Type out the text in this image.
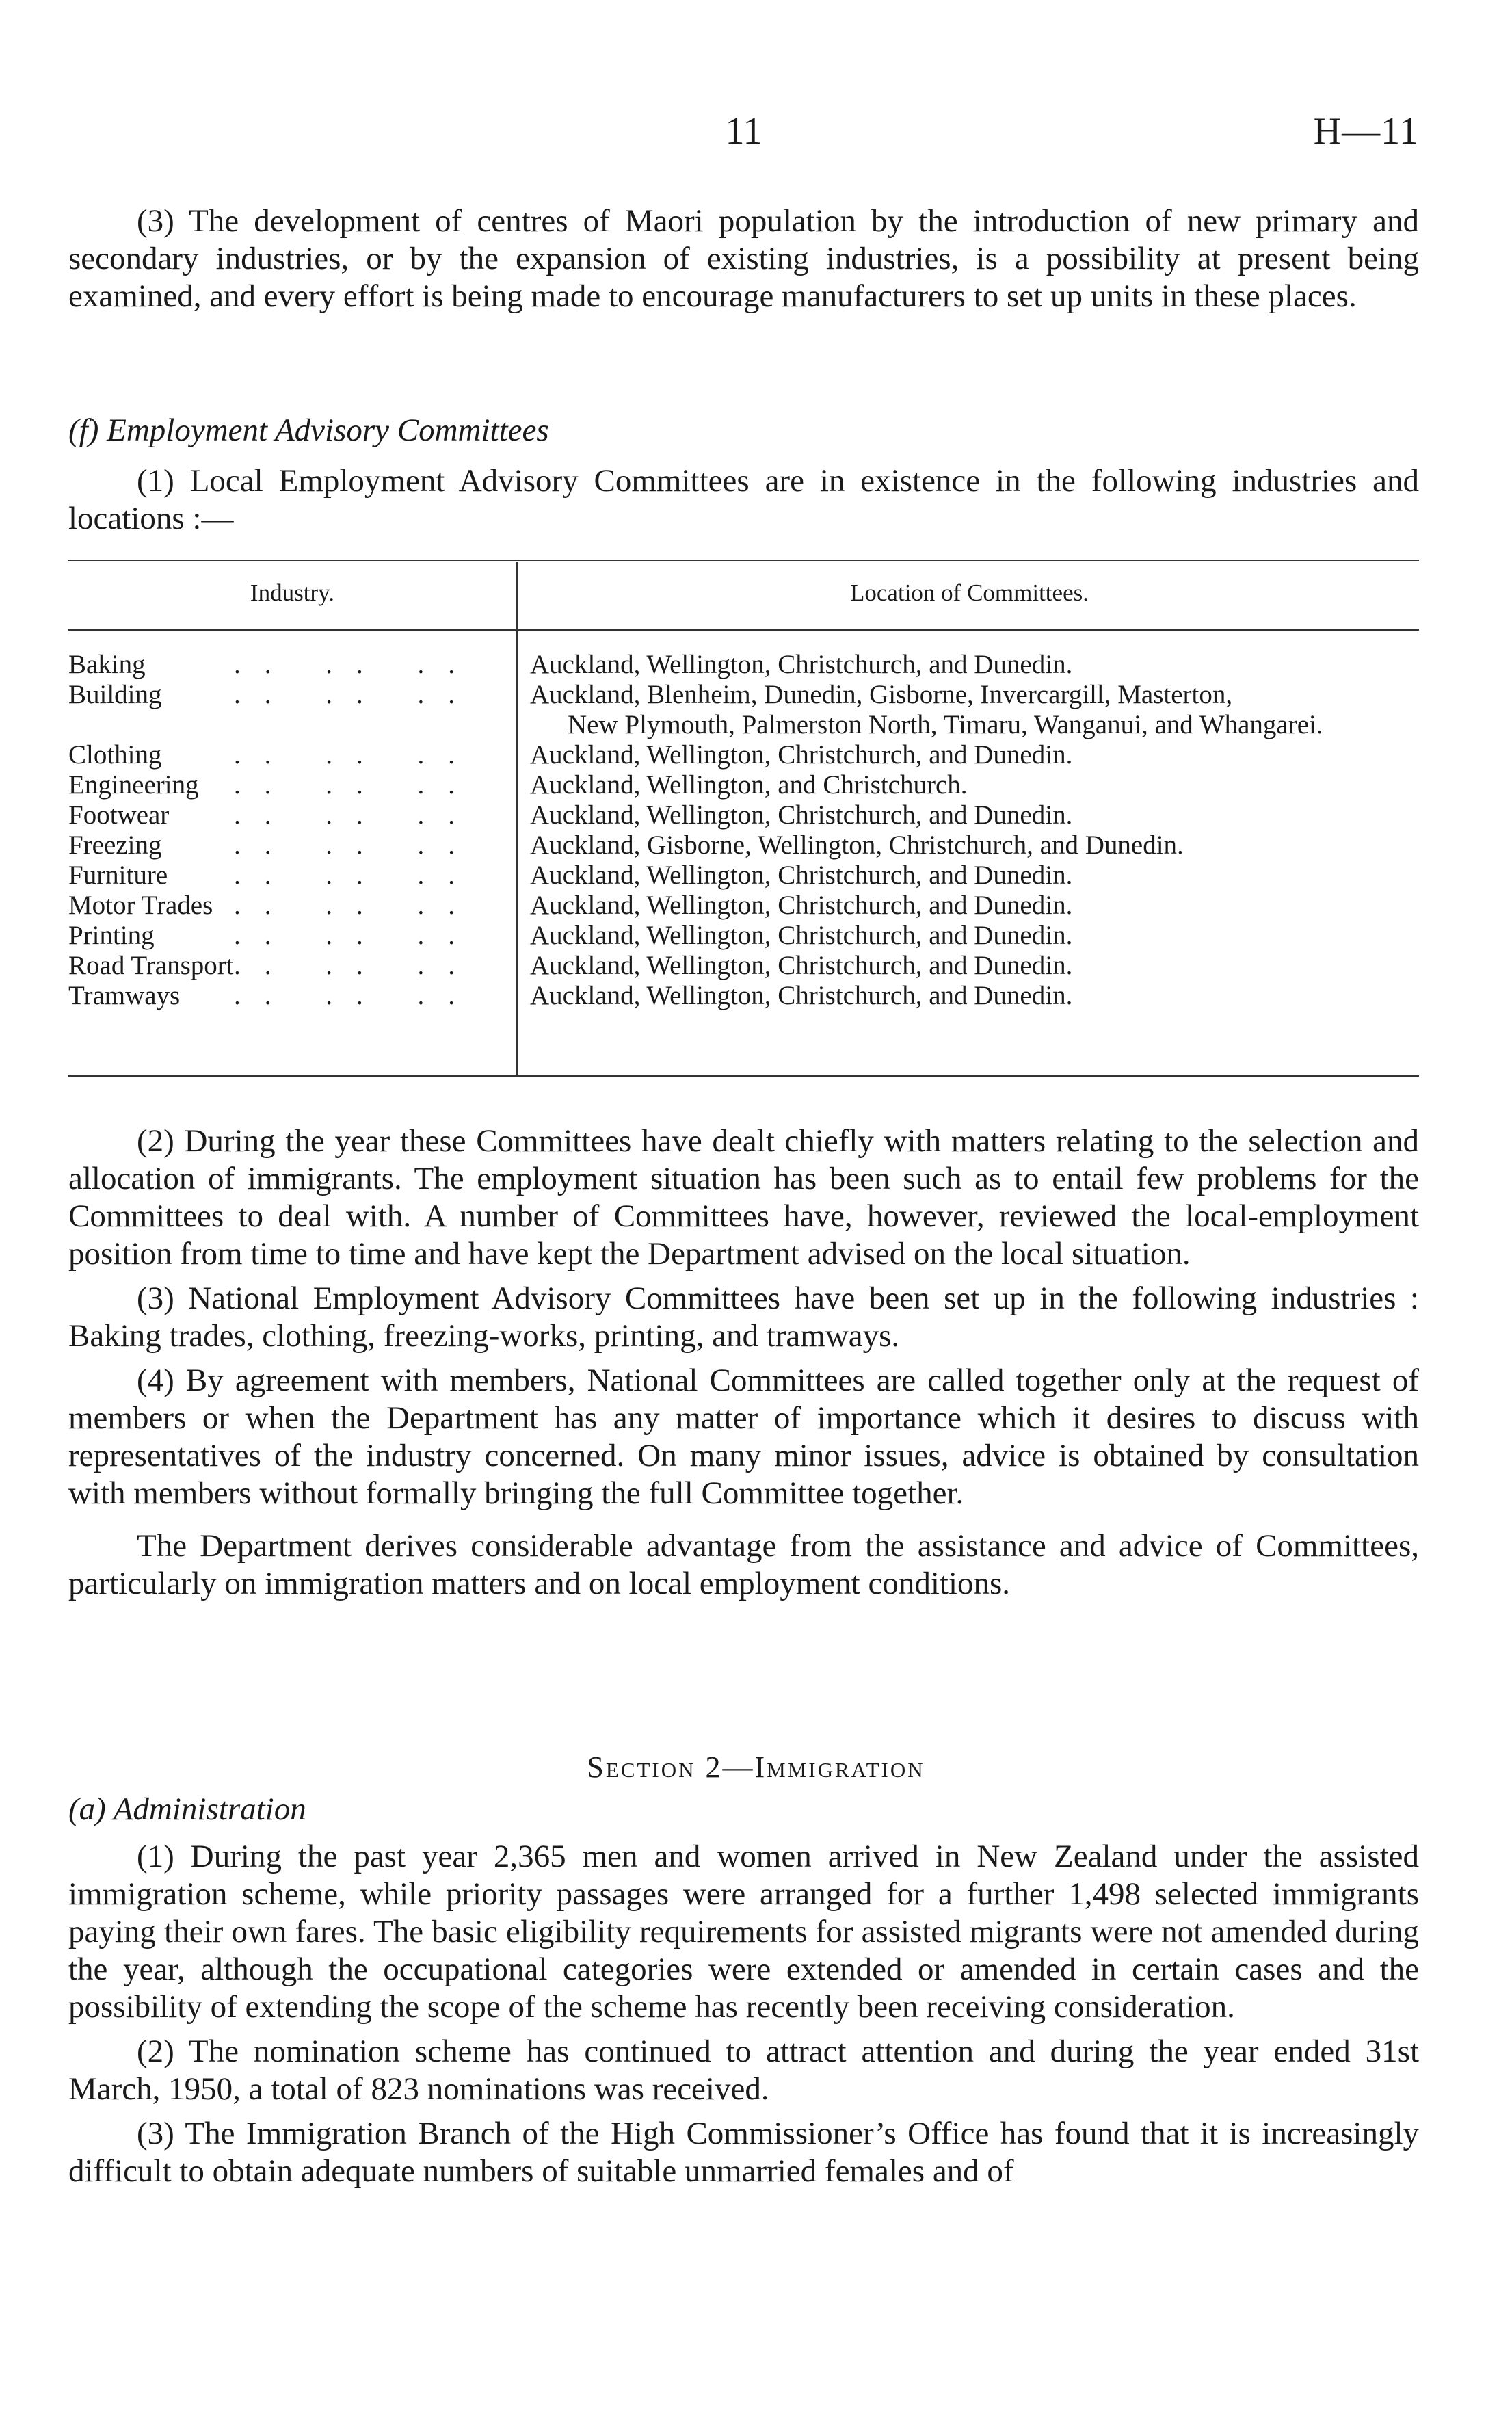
11	H—11

(3) The development of centres of Maori population by the introduction of new primary and secondary industries, or by the expansion of existing industries, is a possibility at present being examined, and every effort is being made to encourage manufacturers to set up units in these places.

(f) Employment Advisory Committees

(1) Local Employment Advisory Committees are in existence in the following industries and locations :—

Industry.	Location of Committees.
Baking	.. .. .. Auckland, Wellington, Christchurch, and Dunedin.
Building	.. .. .. Auckland, Blenheim, Dunedin, Gisborne, Invercargill, Masterton,
New Plymouth, Palmerston North, Timaru, Wanganui, and Whangarei.
Clothing	.. .. .. Auckland, Wellington, Christchurch, and Dunedin.
Engineering .. .. .. Auckland, Wellington, and Christchurch.
Footwear .. .. .. Auckland, Wellington, Christchurch, and Dunedin.
Freezing	.. .. .. Auckland, Gisborne, Wellington, Christchurch, and Dunedin.
Furniture .. .. .. Auckland, Wellington, Christchurch, and Dunedin.
Motor Trades .. .. .. Auckland, Wellington, Christchurch, and Dunedin.
Printing	.. .. .. Auckland, Wellington, Christchurch, and Dunedin.
Road Transport .. .. .. Auckland, Wellington, Christchurch, and Dunedin.
Tramways .. .. .. Auckland, Wellington, Christchurch, and Dunedin.

(2) During the year these Committees have dealt chiefly with matters relating to the selection and allocation of immigrants. The employment situation has been such as to entail few problems for the Committees to deal with. A number of Committees have, however, reviewed the local-employment position from time to time and have kept the Department advised on the local situation.

(3) National Employment Advisory Committees have been set up in the following industries : Baking trades, clothing, freezing-works, printing, and tramways.

(4) By agreement with members, National Committees are called together only at the request of members or when the Department has any matter of importance which it desires to discuss with representatives of the industry concerned. On many minor issues, advice is obtained by consultation with members without formally bringing the full Committee together.

The Department derives considerable advantage from the assistance and advice of Committees, particularly on immigration matters and on local employment conditions.

Section 2—Immigration
(a) Administration

(1) During the past year 2,365 men and women arrived in New Zealand under the assisted immigration scheme, while priority passages were arranged for a further 1,498 selected immigrants paying their own fares. The basic eligibility requirements for assisted migrants were not amended during the year, although the occupational categories were extended or amended in certain cases and the possibility of extending the scope of the scheme has recently been receiving consideration.

(2) The nomination scheme has continued to attract attention and during the year ended 31st March, 1950, a total of 823 nominations was received.

(3) The Immigration Branch of the High Commissioner’s Office has found that it is increasingly difficult to obtain adequate numbers of suitable unmarried females and of
